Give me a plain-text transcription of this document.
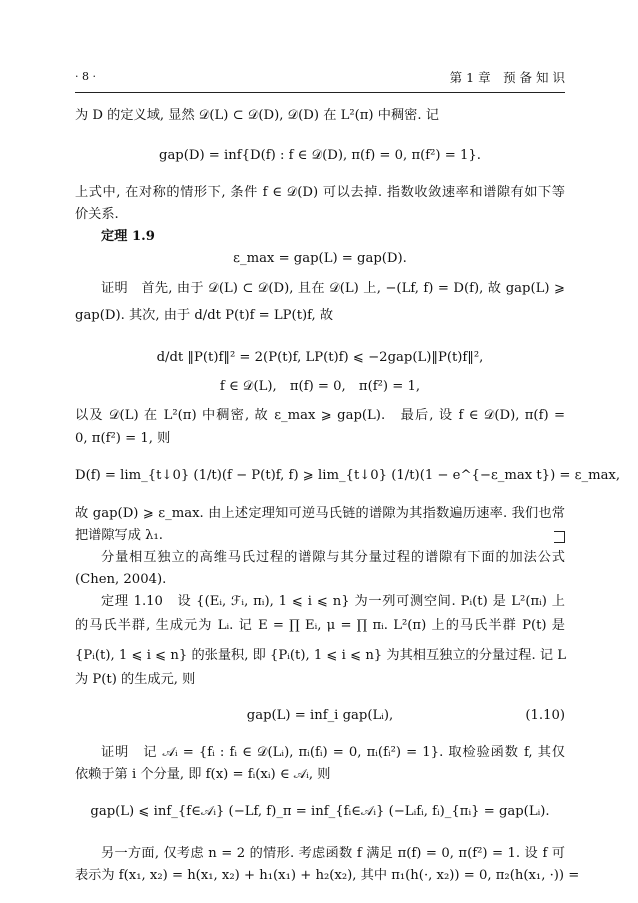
· 8 ·	第 1 章　预 备 知 识
为 D 的定义域, 显然 𝒟(L) ⊂ 𝒟(D), 𝒟(D) 在 L²(π) 中稠密. 记
gap(D) = inf{D(f) : f ∈ 𝒟(D), π(f) = 0, π(f²) = 1}.
上式中, 在对称的情形下, 条件 f ∈ 𝒟(D) 可以去掉. 指数收敛速率和谱隙有如下等
价关系.
定理 1.9
ε_max = gap(L) = gap(D).
证明　首先, 由于 𝒟(L) ⊂ 𝒟(D), 且在 𝒟(L) 上, −(Lf, f) = D(f), 故 gap(L) ⩾
gap(D). 其次, 由于 d/dt P(t)f = LP(t)f, 故
d/dt ‖P(t)f‖² = 2(P(t)f, LP(t)f) ⩽ −2gap(L)‖P(t)f‖²,
f ∈ 𝒟(L),　π(f) = 0,　π(f²) = 1,
以及 𝒟(L) 在 L²(π) 中稠密, 故 ε_max ⩾ gap(L).　最后, 设 f ∈ 𝒟(D), π(f) =
0, π(f²) = 1, 则
D(f) = lim_{t↓0} (1/t)(f − P(t)f, f) ⩾ lim_{t↓0} (1/t)(1 − e^{−ε_max t}) = ε_max,
故 gap(D) ⩾ ε_max. 由上述定理知可逆马氏链的谱隙为其指数遍历速率. 我们也常
把谱隙写成 λ₁.
分量相互独立的高维马氏过程的谱隙与其分量过程的谱隙有下面的加法公式
(Chen, 2004).
定理 1.10　设 {(Eᵢ, ℱᵢ, πᵢ), 1 ⩽ i ⩽ n} 为一列可测空间. Pᵢ(t) 是 L²(πᵢ) 上
的马氏半群, 生成元为 Lᵢ. 记 E = ∏ Eᵢ, μ = ∏ πᵢ. L²(π) 上的马氏半群 P(t) 是
{Pᵢ(t), 1 ⩽ i ⩽ n} 的张量积, 即 {Pᵢ(t), 1 ⩽ i ⩽ n} 为其相互独立的分量过程. 记 L
为 P(t) 的生成元, 则
gap(L) = inf_i gap(Lᵢ),
证明　记 𝒜ᵢ = {fᵢ : fᵢ ∈ 𝒟(Lᵢ), πᵢ(fᵢ) = 0, πᵢ(fᵢ²) = 1}. 取检验函数 f, 其仅
依赖于第 i 个分量, 即 f(x) = fᵢ(xᵢ) ∈ 𝒜ᵢ, 则
gap(L) ⩽ inf_{f∈𝒜ᵢ} (−Lf, f)_π = inf_{fᵢ∈𝒜ᵢ} (−Lᵢfᵢ, fᵢ)_{πᵢ} = gap(Lᵢ).
另一方面, 仅考虑 n = 2 的情形. 考虑函数 f 满足 π(f) = 0, π(f²) = 1. 设 f 可
表示为 f(x₁, x₂) = h(x₁, x₂) + h₁(x₁) + h₂(x₂), 其中 π₁(h(·, x₂)) = 0, π₂(h(x₁, ·)) =
(1.10)
